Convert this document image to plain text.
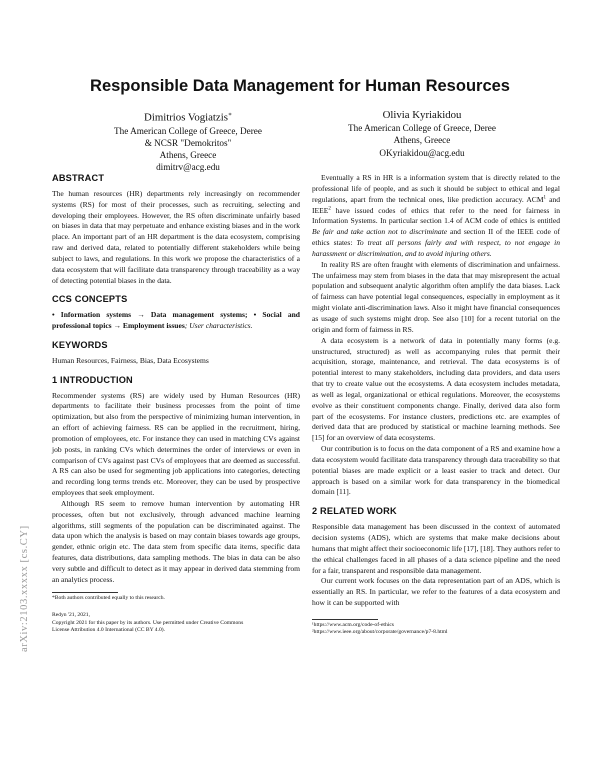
arXiv:2103.xxxxx [cs.CY]
Responsible Data Management for Human Resources
Dimitrios Vogiatzis∗
The American College of Greece, Deree
& NCSR "Demokritos"
Athens, Greece
dimitrv@acg.edu
Olivia Kyriakidou
The American College of Greece, Deree
Athens, Greece
OKyriakidou@acg.edu
ABSTRACT

The human resources (HR) departments rely increasingly on recommender systems (RS) for most of their processes, such as recruiting, selecting and developing their employees. However, the RS often discriminate unfairly based on biases in data that may perpetuate and enhance existing biases and in the work place. An important part of an HR department is the data ecosystem, comprising raw and derived data, related to potentially different stakeholders while being subject to laws, and regulations. In this work we propose the characteristics of a data ecosystem that will facilitate data transparency through traceability as a way of detecting potential biases in the data.

CCS CONCEPTS

• Information systems → Data management systems; • Social and professional topics → Employment issues; User characteristics.

KEYWORDS

Human Resources, Fairness, Bias, Data Ecosystems

1 INTRODUCTION

Recommender systems (RS) are widely used by Human Resources (HR) departments to facilitate their business processes from the point of time optimization, but also from the perspective of minimizing human intervention, in an effort of achieving fairness. RS can be applied in the recruitment, hiring, promotion of employees, etc. For instance they can used in matching CVs against job posts, in ranking CVs which determines the order of interviews or even in comparison of CVs against past CVs of employees that are deemed as successful. A RS can also be used for segmenting job applications into categories, detecting and recording long terms trends etc. Moreover, they can be used by prospective employees that seek employment.

Although RS seem to remove human intervention by automating HR processes, often but not exclusively, through advanced machine learning algorithms, still segments of the population can be discriminated against. The data upon which the analysis is based on may contain biases towards age groups, gender, ethnic origin etc. The data stem from specific data items, specific data features, data distributions, data sampling methods. The bias in data can be also very subtle and difficult to detect as it may appear in derived data stemming from an analytics process.

*Both authors contributed equally to this research.
Redyn '21, 2021,
Copyright 2021 for this paper by its authors. Use permitted under Creative Commons
License Attribution 4.0 International (CC BY 4.0).

Eventually a RS in HR is a information system that is directly related to the professional life of people, and as such it should be subject to ethical and legal regulations, apart from the technical ones, like prediction accuracy. ACM$^1$ and IEEE$^2$ have issued codes of ethics that refer to the need for fairness in Information Systems. In particular section 1.4 of ACM code of ethics is entitled Be fair and take action not to discriminate and section II of the IEEE code of ethics states: To treat all persons fairly and with respect, to not engage in harassment or discrimination, and to avoid injuring others.

In reality RS are often fraught with elements of discrimination and unfairness. The unfairness may stem from biases in the data that may misrepresent the actual population and subsequent analytic algorithm often amplify the data biases. Lack of fairness can have potential legal consequences, especially in employment as it might violate anti-discrimination laws. Also it might have financial consequences as usage of such systems might drop. See also [10] for a recent tutorial on the origin and form of fairness in RS.

A data ecosystem is a network of data in potentially many forms (e.g. unstructured, structured) as well as accompanying rules that permit their acquisition, storage, maintenance, and retrieval. The data ecosystems is of potential interest to many stakeholders, including data providers, and data users that try to create value out the ecosystems. A data ecosystem includes metadata, as well as legal, organizational or ethical regulations. Moreover, the ecosystems evolve as their constituent components change. Finally, derived data also form part of the ecosystems. For instance clusters, predictions etc. are examples of derived data that are produced by statistical or machine learning methods. See [15] for an overview of data ecosystems.

Our contribution is to focus on the data component of a RS and examine how a data ecosystem would facilitate data transparency through data traceability so that potential biases are made explicit or a least easier to track and detect. Our approach is based on a similar work for data transparency in the biomedical domain [11].

2 RELATED WORK

Responsible data management has been discussed in the context of automated decision systems (ADS), which are systems that make make decisions about humans that might affect their socioeconomic life [17], [18]. They authors refer to the ethical challenges faced in all phases of a data science pipeline and the need for a fair, transparent and responsible data management.

Our current work focuses on the data representation part of an ADS, which is essentially an RS. In particular, we refer to the features of a data ecosystem and how it can be supported with

¹https://www.acm.org/code-of-ethics
²https://www.ieee.org/about/corporate/governance/p7-8.html
